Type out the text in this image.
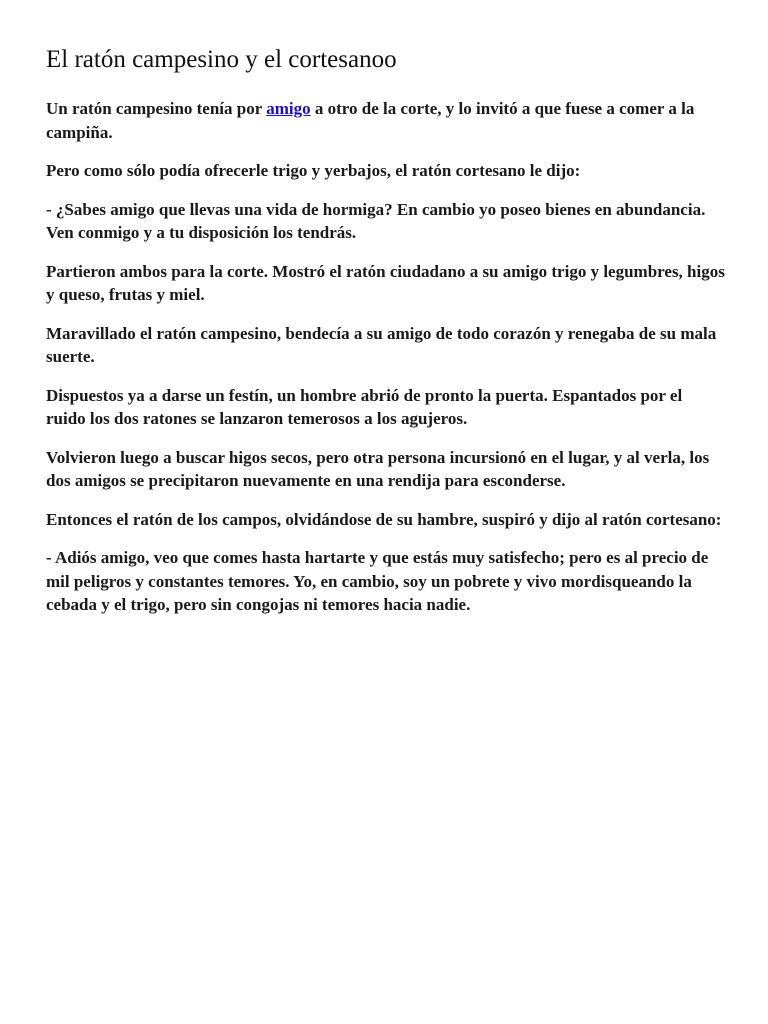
El ratón campesino y el cortesanoo

Un ratón campesino tenía por amigo a otro de la corte, y lo invitó a que fuese a comer a la campiña.

Pero como sólo podía ofrecerle trigo y yerbajos, el ratón cortesano le dijo:

- ¿Sabes amigo que llevas una vida de hormiga? En cambio yo poseo bienes en abundancia. Ven conmigo y a tu disposición los tendrás.

Partieron ambos para la corte. Mostró el ratón ciudadano a su amigo trigo y legumbres, higos y queso, frutas y miel.

Maravillado el ratón campesino, bendecía a su amigo de todo corazón y renegaba de su mala suerte.

Dispuestos ya a darse un festín, un hombre abrió de pronto la puerta. Espantados por el ruido los dos ratones se lanzaron temerosos a los agujeros.

Volvieron luego a buscar higos secos, pero otra persona incursionó en el lugar, y al verla, los dos amigos se precipitaron nuevamente en una rendija para esconderse.

Entonces el ratón de los campos, olvidándose de su hambre, suspiró y dijo al ratón cortesano:

- Adiós amigo, veo que comes hasta hartarte y que estás muy satisfecho; pero es al precio de mil peligros y constantes temores. Yo, en cambio, soy un pobrete y vivo mordisqueando la cebada y el trigo, pero sin congojas ni temores hacia nadie.
